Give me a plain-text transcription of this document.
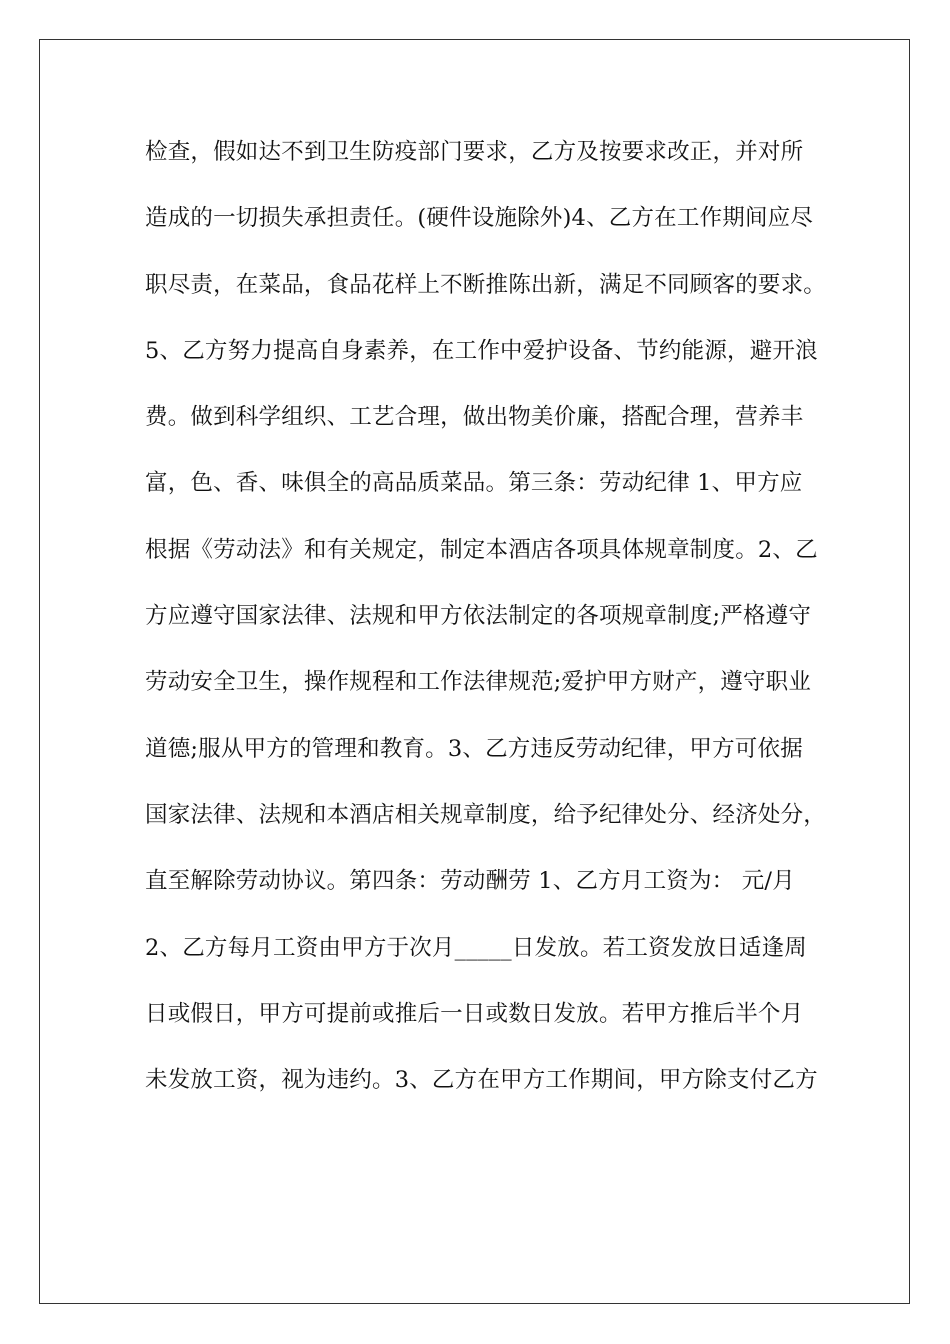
检查，假如达不到卫生防疫部门要求，乙方及按要求改正，并对所
造成的一切损失承担责任。(硬件设施除外)4、乙方在工作期间应尽
职尽责，在菜品，食品花样上不断推陈出新，满足不同顾客的要求。
5、乙方努力提高自身素养，在工作中爱护设备、节约能源，避开浪
费。做到科学组织、工艺合理，做出物美价廉，搭配合理，营养丰
富，色、香、味俱全的高品质菜品。第三条：劳动纪律 1、甲方应
根据《劳动法》和有关规定，制定本酒店各项具体规章制度。2、乙
方应遵守国家法律、法规和甲方依法制定的各项规章制度;严格遵守
劳动安全卫生，操作规程和工作法律规范;爱护甲方财产，遵守职业
道德;服从甲方的管理和教育。3、乙方违反劳动纪律，甲方可依据
国家法律、法规和本酒店相关规章制度，给予纪律处分、经济处分，
直至解除劳动协议。第四条：劳动酬劳 1、乙方月工资为： 元/月
2、乙方每月工资由甲方于次月_____日发放。若工资发放日适逢周
日或假日，甲方可提前或推后一日或数日发放。若甲方推后半个月
未发放工资，视为违约。3、乙方在甲方工作期间，甲方除支付乙方
